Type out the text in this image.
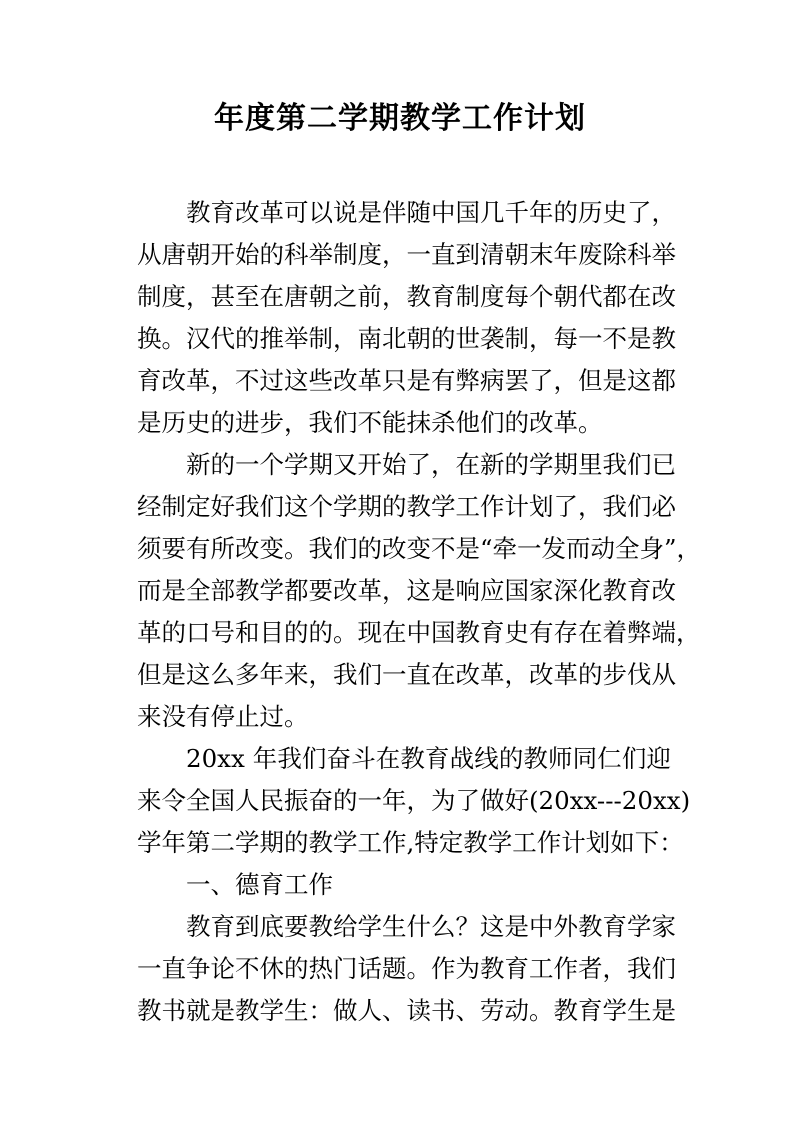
年度第二学期教学工作计划
教育改革可以说是伴随中国几千年的历史了，
从唐朝开始的科举制度，一直到清朝末年废除科举
制度，甚至在唐朝之前，教育制度每个朝代都在改
换。汉代的推举制，南北朝的世袭制，每一不是教
育改革，不过这些改革只是有弊病罢了，但是这都
是历史的进步，我们不能抹杀他们的改革。
新的一个学期又开始了，在新的学期里我们已
经制定好我们这个学期的教学工作计划了，我们必
须要有所改变。我们的改变不是“牵一发而动全身”，
而是全部教学都要改革，这是响应国家深化教育改
革的口号和目的的。现在中国教育史有存在着弊端，
但是这么多年来，我们一直在改革，改革的步伐从
来没有停止过。
20xx 年我们奋斗在教育战线的教师同仁们迎
来令全国人民振奋的一年，为了做好(20xx---20xx)
学年第二学期的教学工作,特定教学工作计划如下：
一、德育工作
教育到底要教给学生什么？这是中外教育学家
一直争论不休的热门话题。作为教育工作者，我们
教书就是教学生：做人、读书、劳动。教育学生是
